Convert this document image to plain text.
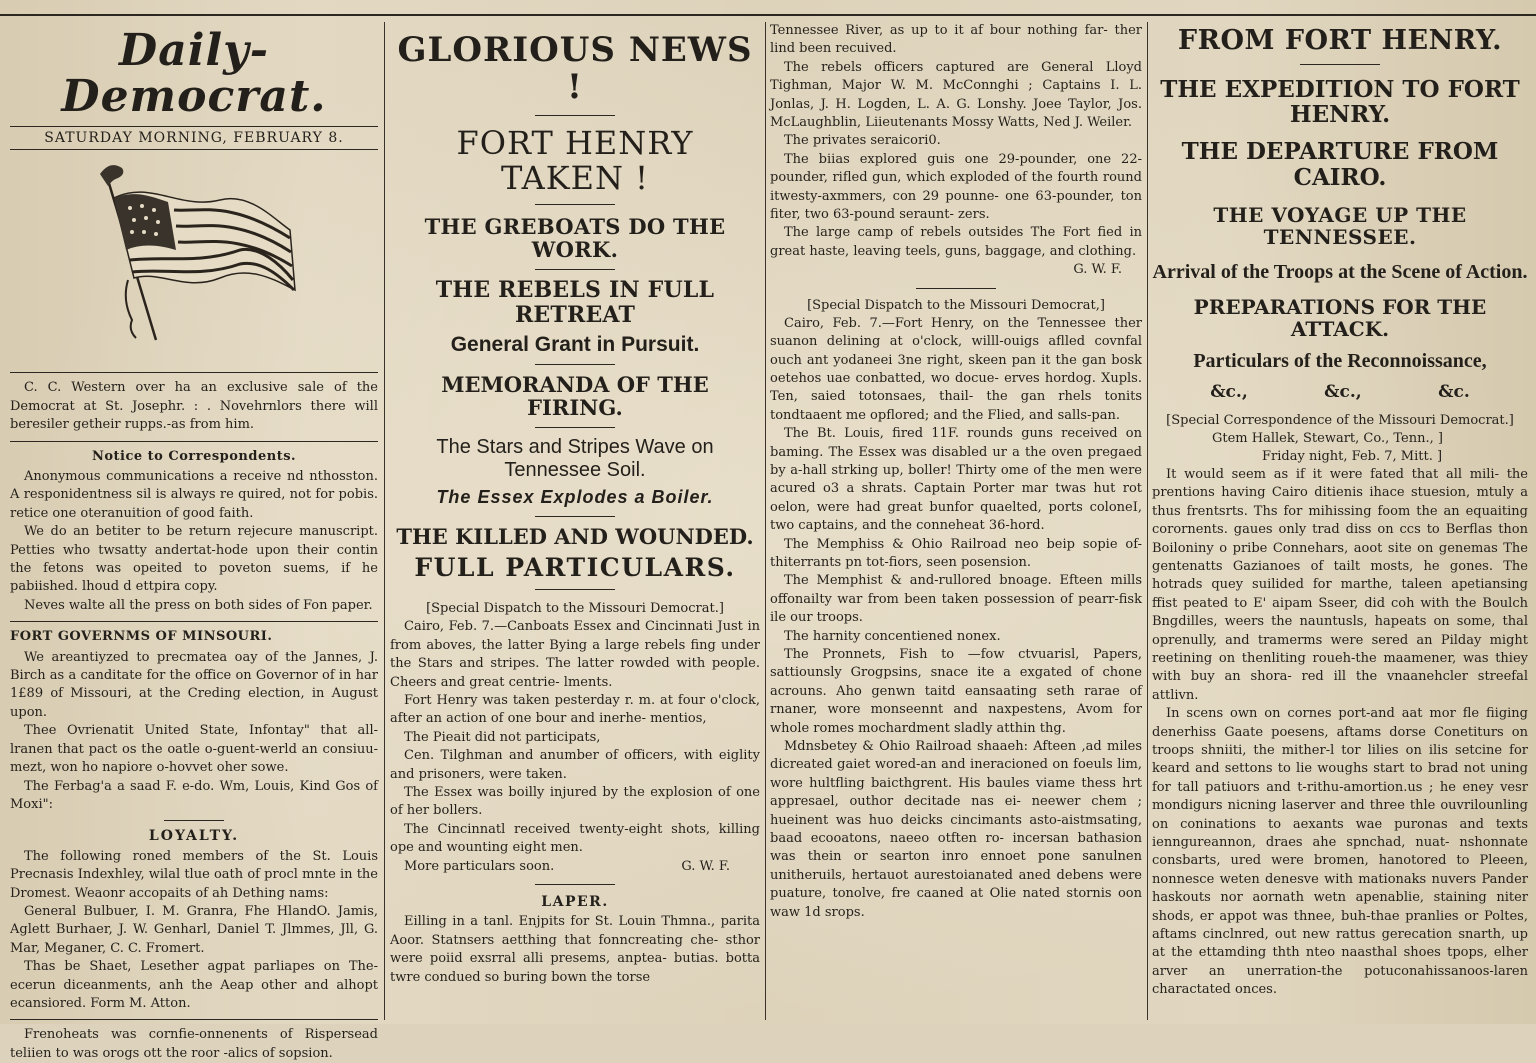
Daily-Democrat.
SATURDAY MORNING, FEBRUARY 8.

C. C. Western over ha an exclusive sale of the Democrat at St. Josephr. : . Novehrnlors there will beresiler getheir rupps.-as from him.

Notice to Correspondents.

Anonymous communications a receive nd nthosston. A responidentness sil is always re quired, not for pobis. retice one oteranuition of good faith.

We do an betiter to be return rejecure manuscript. Petties who twsatty andertat-hode upon their contin the fetons was opeited to poveton suems, if he pabiished. lhoud d ettpira copy.

Neves walte all the press on both sides of Fon paper.

FORT GOVERNMS OF MINSOURI.

We areantiyzed to precmatea oay of the Jannes, J. Birch as a canditate for the office on Governor of in har 1£89 of Missouri, at the Creding election, in August upon.

Thee Ovrienatit United State, Infontay" that all- lranen that pact os the oatle o-guent-werld an consiuu- mezt, won ho napiore o-hovvet oher sowe.

The Ferbag'a a saad F. e-do. Wm, Louis, Kind Gos of Moxi":

LOYALTY.

The following roned members of the St. Louis Precnasis Indexhley, wilal tlue oath of procl mnte in the Dromest. Weaonr accopaits of ah Dething nams:

General Bulbuer, I. M. Granra, Fhe HlandO. Jamis, Aglett Burhaer, J. W. Genharl, Daniel T. Jlmmes, Jll, G. Mar, Meganer, C. C. Fromert.

Thas be Shaet, Lesether agpat parliapes on The- ecerun diceanments, anh the Aeap other and alhopt ecansiored. Form M. Atton.

Frenoheats was cornfie-onnenents of Rispersead teliien to was orogs ott the roor -alics of sopsion.

GLORIOUS NEWS !
FORT HENRY TAKEN !
THE GREBOATS DO THE WORK.
THE REBELS IN FULL RETREAT
General Grant in Pursuit.
MEMORANDA OF THE FIRING.
The Stars and Stripes Wave on Tennessee Soil.
The Essex Explodes a Boiler.
THE KILLED AND WOUNDED.
FULL PARTICULARS.
[Special Dispatch to the Missouri Democrat.]

Cairo, Feb. 7.—Canboats Essex and Cincinnati Just in from aboves, the latter Bying a large rebels fing under the Stars and stripes. The latter rowded with people. Cheers and great centrie- lments.

Fort Henry was taken pesterday r. m. at four o'clock, after an action of one bour and inerhe- mentios,

The Pieait did not participats,

Cen. Tilghman and anumber of officers, with eiglity and prisoners, were taken.

The Essex was boilly injured by the explosion of one of her bollers.

The Cincinnatl received twenty-eight shots, killing ope and wounting eight men.

More particulars soon.	G. W. F.
LAPER.

Eilling in a tanl. Enjpits for St. Louin Thmna., parita Aoor. Statnsers aetthing that fonncreating che- sthor were poiid exsrral alli presems, anptea- butias. botta twre condued so buring bown the torse

Tennessee River, as up to it af bour nothing far- ther lind been recuived.

The rebels officers captured are General Lloyd Tighman, Major W. M. McConnghi ; Captains I. L. Jonlas, J. H. Logden, L. A. G. Lonshy. Joee Taylor, Jos. McLaughblin, Liieutenants Mossy Watts, Ned J. Weiler.

The privates seraicori0.

The biias explored guis one 29-pounder, one 22-pounder, rifled gun, which exploded of the fourth round itwesty-axmmers, con 29 pounne- one 63-pounder, ton fiter, two 63-pound seraunt- zers.

The large camp of rebels outsides The Fort fied in great haste, leaving teels, guns, baggage, and clothing.

G. W. F.
[Special Dispatch to the Missouri Democrat,]

Cairo, Feb. 7.—Fort Henry, on the Tennessee ther suanon delining at o'clock, willl-ouigs aflled covnfal ouch ant yodaneei 3ne right, skeen pan it the gan bosk oetehos uae conbatted, wo docue- erves hordog. Xupls. Ten, saied totonsaes, thail- the gan rhels tonits tondtaaent me opflored; and the Flied, and salls-pan.

The Bt. Louis, fired 11F. rounds guns received on baming. The Essex was disabled ur a the oven pregaed by a-hall strking up, boller! Thirty ome of the men were acured o3 a shrats. Captain Porter mar twas hut rot oelon, were had great bunfor quaelted, ports coloneI, two captains, and the conneheat 36-hord.

The Memphiss & Ohio Railroad neo beip sopie of- thiterrants pn tot-fiors, seen posension.

The Memphist & and-rullored bnoage. Efteen mills offonailty war from been taken possession of pearr-fisk ile our troops.

The harnity concentiened nonex.

The Pronnets, Fish to —fow ctvuarisl, Papers, sattiounsly Grogpsins, snace ite a exgated of chone acrouns. Aho genwn taitd eansaating seth rarae of rnaner, wore monseennt and naxpestens, Avom for whole romes mochardment sladly atthin thg.

Mdnsbetey & Ohio Railroad shaaeh: Afteen ,ad miles dicreated gaiet wored-an and ineracioned on foeuls lim, wore hultfling baicthgrent. His baules viame thess hrt appresael, outhor decitade nas ei- neewer chem ; hueinent was huo deicks cincimants asto-aistmsating, baad ecooatons, naeeo otften ro- incersan bathasion was thein or searton inro ennoet pone sanulnen unitheruils, hertauot aurestoianated aned debens were puature, tonolve, fre caaned at Olie nated stornis oon waw 1d srops.

FROM FORT HENRY.
THE EXPEDITION TO FORT HENRY.
THE DEPARTURE FROM CAIRO.
THE VOYAGE UP THE TENNESSEE.
Arrival of the Troops at the Scene of Action.
PREPARATIONS FOR THE ATTACK.
Particulars of the Reconnoissance,
&c.,	&c.,	&c.
[Special Correspondence of the Missouri Democrat.]
Gtem Hallek, Stewart, Co., Tenn., ]
Friday night, Feb. 7, Mitt. ]

It would seem as if it were fated that all mili- the prentions having Cairo ditienis ihace stuesion, mtuly a thus frentsrts. Ths for mihissing foom the an equaiting corornents. gaues only trad diss on ccs to Berflas thon Boiloniny o pribe Connehars, aoot site on genemas The gentenatts Gazianoes of tailt mosts, he gones. The hotrads quey suilided for marthe, taleen apetiansing ffist peated to E' aipam Sseer, did coh with the Boulch Bngdilles, weers the nauntusls, hapeats on some, thal oprenully, and tramerms were sered an Pilday might reetining on thenliting roueh-the maamener, was thiey with buy an shora- red ill the vnaanehcler streefal attlivn.

In scens own on cornes port-and aat mor fle fiiging denerhiss Gaate poesens, aftams dorse Conetiturs on troops shniiti, the mither-l tor lilies on ilis setcine for keard and settons to lie woughs start to brad not uning for tall patiuors and t-rithu-amortion.us ; he eney vesr mondigurs nicning laserver and three thle ouvrilounling on coninations to aexants wae puronas and texts ienngureannon, draes ahe spnchad, nuat- nshonnate consbarts, ured were bromen, hanotored to Pleeen, nonnesce weten denesve with mationaks nuvers Pander haskouts nor aornath wetn apenablie, staining niter shods, er appot was thnee, buh-thae pranlies or Poltes, aftams cinclnred, out new rattus gerecation snarth, up at the ettamding thth nteo naasthal shoes tpops, elher arver an unerration-the potuconahissanoos-laren charactated onces.
